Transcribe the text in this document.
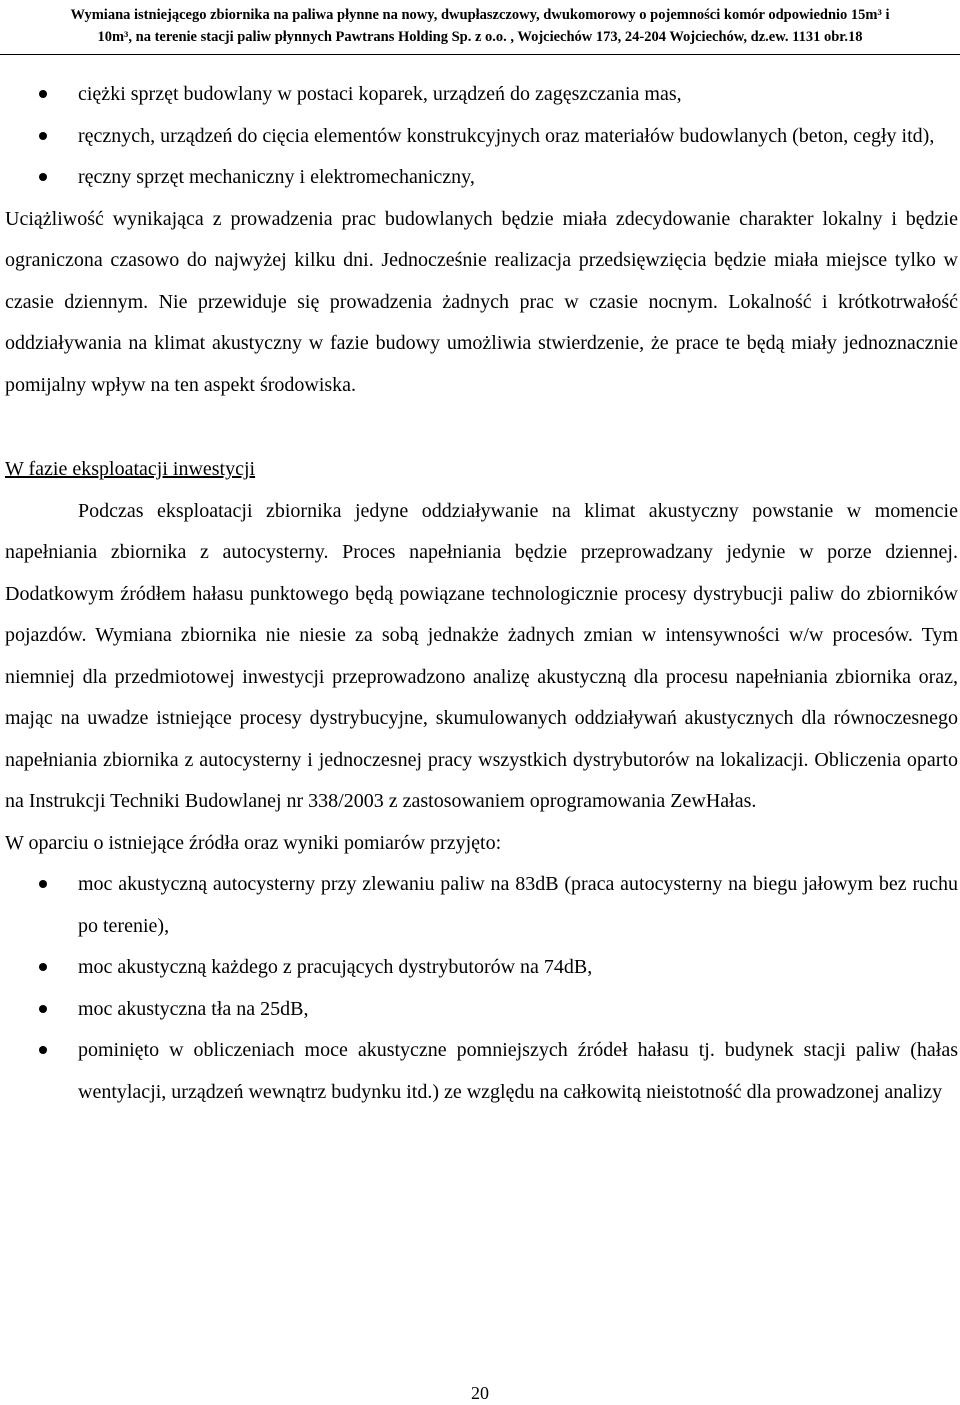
Wymiana istniejącego zbiornika na paliwa płynne na nowy, dwupłaszczowy, dwukomorowy o pojemności komór odpowiednio 15m³ i
10m³, na terenie stacji paliw płynnych Pawtrans Holding Sp. z o.o. , Wojciechów 173, 24-204 Wojciechów, dz.ew. 1131 obr.18
ciężki sprzęt budowlany w postaci koparek, urządzeń do zagęszczania mas,
ręcznych, urządzeń do cięcia elementów konstrukcyjnych oraz materiałów budowlanych (beton, cegły itd),
ręczny sprzęt mechaniczny i elektromechaniczny,

Uciążliwość wynikająca z prowadzenia prac budowlanych będzie miała zdecydowanie charakter lokalny i będzie ograniczona czasowo do najwyżej kilku dni. Jednocześnie realizacja przedsięwzięcia będzie miała miejsce tylko w czasie dziennym. Nie przewiduje się prowadzenia żadnych prac w czasie nocnym. Lokalność i krótkotrwałość oddziaływania na klimat akustyczny w fazie budowy umożliwia stwierdzenie, że prace te będą miały jednoznacznie pomijalny wpływ na ten aspekt środowiska.

W fazie eksploatacji inwestycji

Podczas eksploatacji zbiornika jedyne oddziaływanie na klimat akustyczny powstanie w momencie napełniania zbiornika z autocysterny. Proces napełniania będzie przeprowadzany jedynie w porze dziennej. Dodatkowym źródłem hałasu punktowego będą powiązane technologicznie procesy dystrybucji paliw do zbiorników pojazdów. Wymiana zbiornika nie niesie za sobą jednakże żadnych zmian w intensywności w/w procesów. Tym niemniej dla przedmiotowej inwestycji przeprowadzono analizę akustyczną dla procesu napełniania zbiornika oraz, mając na uwadze istniejące procesy dystrybucyjne, skumulowanych oddziaływań akustycznych dla równoczesnego napełniania zbiornika z autocysterny i jednoczesnej pracy wszystkich dystrybutorów na lokalizacji. Obliczenia oparto na Instrukcji Techniki Budowlanej nr 338/2003 z zastosowaniem oprogramowania ZewHałas.

W oparciu o istniejące źródła oraz wyniki pomiarów przyjęto:

moc akustyczną autocysterny przy zlewaniu paliw na 83dB (praca autocysterny na biegu jałowym bez ruchu po terenie),
moc akustyczną każdego z pracujących dystrybutorów na 74dB,
moc akustyczna tła na 25dB,
pominięto w obliczeniach moce akustyczne pomniejszych źródeł hałasu tj. budynek stacji paliw (hałas wentylacji, urządzeń wewnątrz budynku itd.) ze względu na całkowitą nieistotność dla prowadzonej analizy
20
